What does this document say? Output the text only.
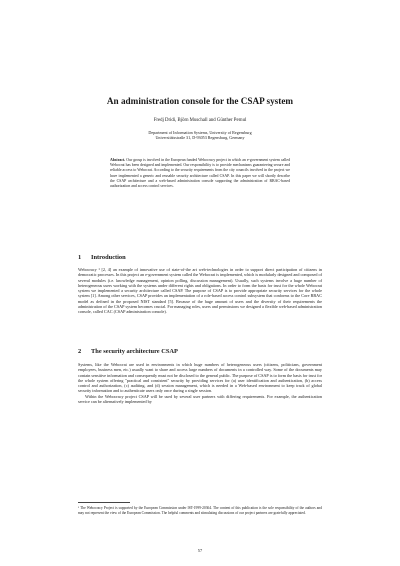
An administration console for the CSAP system
Fredj Dridi, Björn Muschall and Günther Pernul
Department of Information Systems, University of Regensburg
Universitätsstraße 31, D-93053 Regensburg, Germany
Abstract. Our group is involved in the European funded Webocracy project in which an e-government system called Webocrat has been designed and implemented. Our responsibility is to provide mechanisms guaranteeing secure and reliable access to Webocrat. According to the security requirements from the city councils involved in the project we have implemented a generic and reusable security architecture called CSAP. In this paper we will shortly describe the CSAP architecture and a web-based administration console supporting the administration of RBAC-based authorization and access control services.
1 Introduction

Webocracy ¹ [2, 4] an example of innovative use of state-of-the art web-technologies in order to support direct participation of citizens in democratic processes. In this project an e-government system called the Webocrat is implemented, which is modularly designed and composed of several modules (i.e. knowledge management, opinion polling, discussion management). Usually, such systems involve a huge number of heterogeneous users working with the systems under different rights and obligations. In order to form the basis for trust for the whole Webocrat system we implemented a security architecture called CSAP. The purpose of CSAP is to provide appropriate security services for the whole system [1]. Among other services, CSAP provides an implementation of a role-based access control subsystem that conforms to the Core RBAC model as defined in the proposed NIST standard [5]. Because of the huge amount of users and the diversity of their requirements the administration of the CSAP system becomes crucial. For managing roles, users and permissions we designed a flexible web-based administration console, called CAC (CSAP administration console).

2 The security architecture CSAP

Systems, like the Webocrat are used in environments in which huge numbers of heterogeneous users (citizens, politicians, government employees, business men, etc.) usually want to share and access large numbers of documents in a controlled way. Some of the documents may contain sensitive information and consequently must not be disclosed to the general public. The purpose of CSAP is to form the basis for trust for the whole system offering "practical and consistent" security by providing services for (a) user identification and authentication, (b) access control and authorization, (c) auditing, and (d) session management, which is needed in a Web-based environment to keep track of global security information and to authenticate users only once during a single session.

Within the Webocracy project CSAP will be used by several user partners with differing requirements. For example, the authentication service can be alternatively implemented by

¹ The Webocracy Project is supported by the European Commission under IST-1999-20364. The content of this publication is the sole responsibility of the authors and may not represent the view of the European Commission. The helpful comments and stimulating discussions of our project partners are gratefully appreciated.
57
